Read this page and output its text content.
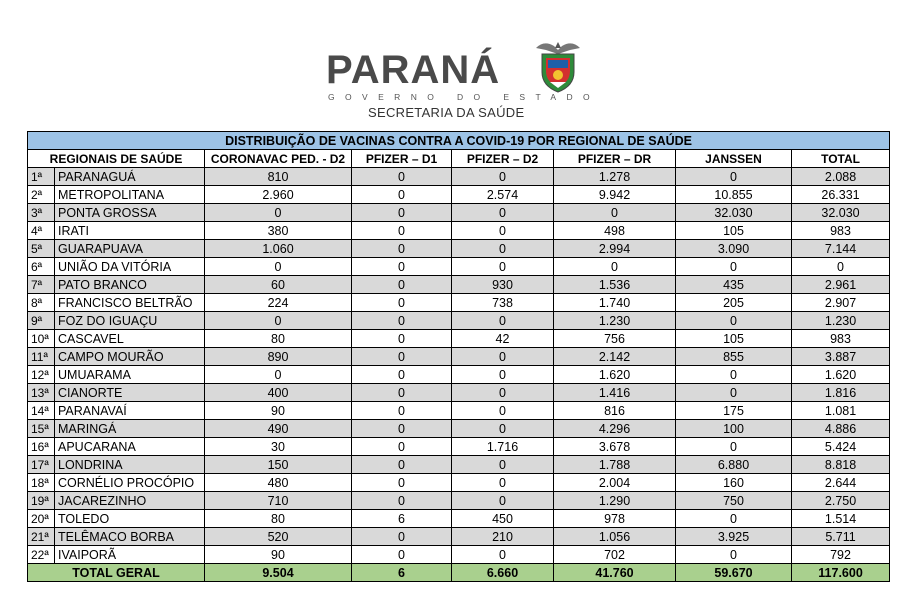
PARANÁ
GOVERNO DO ESTADO
SECRETARIA DA SAÚDE
DISTRIBUIÇÃO DE VACINAS CONTRA A COVID-19 POR REGIONAL DE SAÚDE							
REGIONAIS DE SAÚDE		CORONAVAC PED. - D2	PFIZER – D1	PFIZER – D2	PFIZER – DR	JANSSEN	TOTAL
1ª	PARANAGUÁ	810	0	0	1.278	0	2.088
2ª	METROPOLITANA	2.960	0	2.574	9.942	10.855	26.331
3ª	PONTA GROSSA	0	0	0	0	32.030	32.030
4ª	IRATI	380	0	0	498	105	983
5ª	GUARAPUAVA	1.060	0	0	2.994	3.090	7.144
6ª	UNIÃO DA VITÓRIA	0	0	0	0	0	0
7ª	PATO BRANCO	60	0	930	1.536	435	2.961
8ª	FRANCISCO BELTRÃO	224	0	738	1.740	205	2.907
9ª	FOZ DO IGUAÇU	0	0	0	1.230	0	1.230
10ª	CASCAVEL	80	0	42	756	105	983
11ª	CAMPO MOURÃO	890	0	0	2.142	855	3.887
12ª	UMUARAMA	0	0	0	1.620	0	1.620
13ª	CIANORTE	400	0	0	1.416	0	1.816
14ª	PARANAVAÍ	90	0	0	816	175	1.081
15ª	MARINGÁ	490	0	0	4.296	100	4.886
16ª	APUCARANA	30	0	1.716	3.678	0	5.424
17ª	LONDRINA	150	0	0	1.788	6.880	8.818
18ª	CORNÉLIO PROCÓPIO	480	0	0	2.004	160	2.644
19ª	JACAREZINHO	710	0	0	1.290	750	2.750
20ª	TOLEDO	80	6	450	978	0	1.514
21ª	TELÊMACO BORBA	520	0	210	1.056	3.925	5.711
22ª	IVAIPORÃ	90	0	0	702	0	792
TOTAL GERAL		9.504	6	6.660	41.760	59.670	117.600
